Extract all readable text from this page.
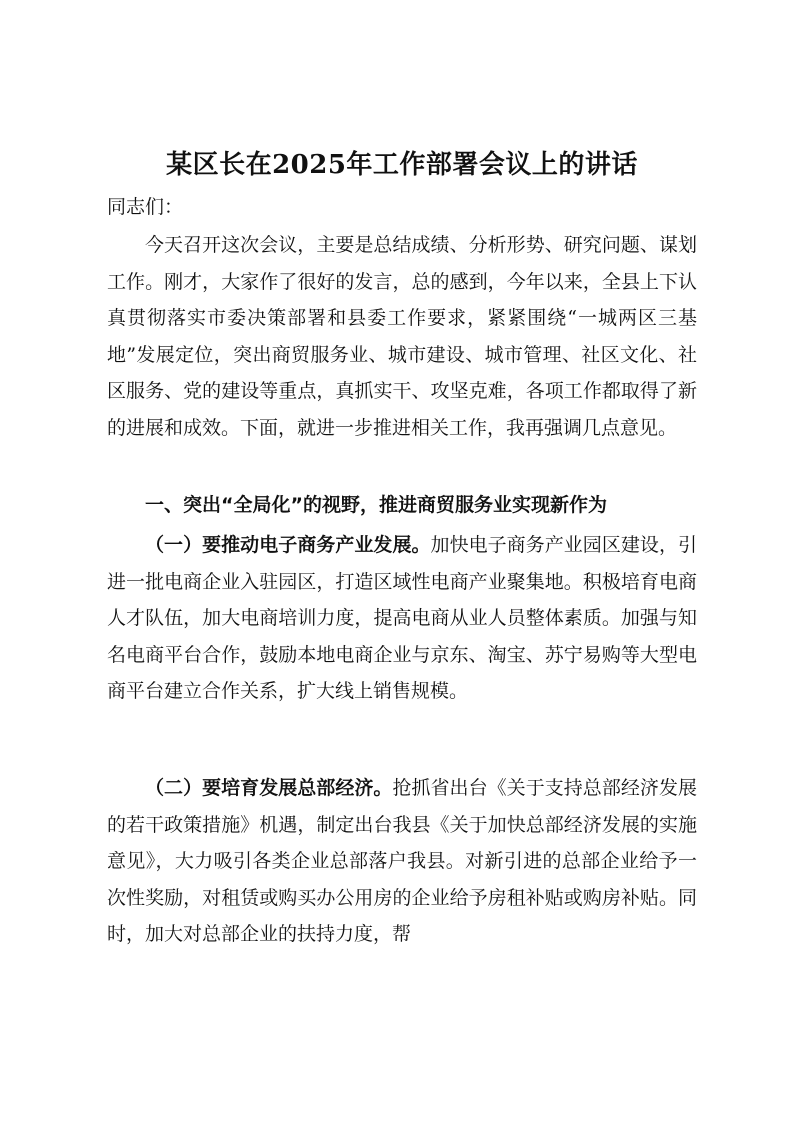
某区长在2025年工作部署会议上的讲话
同志们：

今天召开这次会议，主要是总结成绩、分析形势、研究问题、谋划工作。刚才，大家作了很好的发言，总的感到，今年以来，全县上下认真贯彻落实市委决策部署和县委工作要求，紧紧围绕“一城两区三基地”发展定位，突出商贸服务业、城市建设、城市管理、社区文化、社区服务、党的建设等重点，真抓实干、攻坚克难，各项工作都取得了新的进展和成效。下面，就进一步推进相关工作，我再强调几点意见。

一、突出“全局化”的视野，推进商贸服务业实现新作为

（一）要推动电子商务产业发展。加快电子商务产业园区建设，引进一批电商企业入驻园区，打造区域性电商产业聚集地。积极培育电商人才队伍，加大电商培训力度，提高电商从业人员整体素质。加强与知名电商平台合作，鼓励本地电商企业与京东、淘宝、苏宁易购等大型电商平台建立合作关系，扩大线上销售规模。

（二）要培育发展总部经济。抢抓省出台《关于支持总部经济发展的若干政策措施》机遇，制定出台我县《关于加快总部经济发展的实施意见》，大力吸引各类企业总部落户我县。对新引进的总部企业给予一次性奖励，对租赁或购买办公用房的企业给予房租补贴或购房补贴。同时，加大对总部企业的扶持力度，帮
